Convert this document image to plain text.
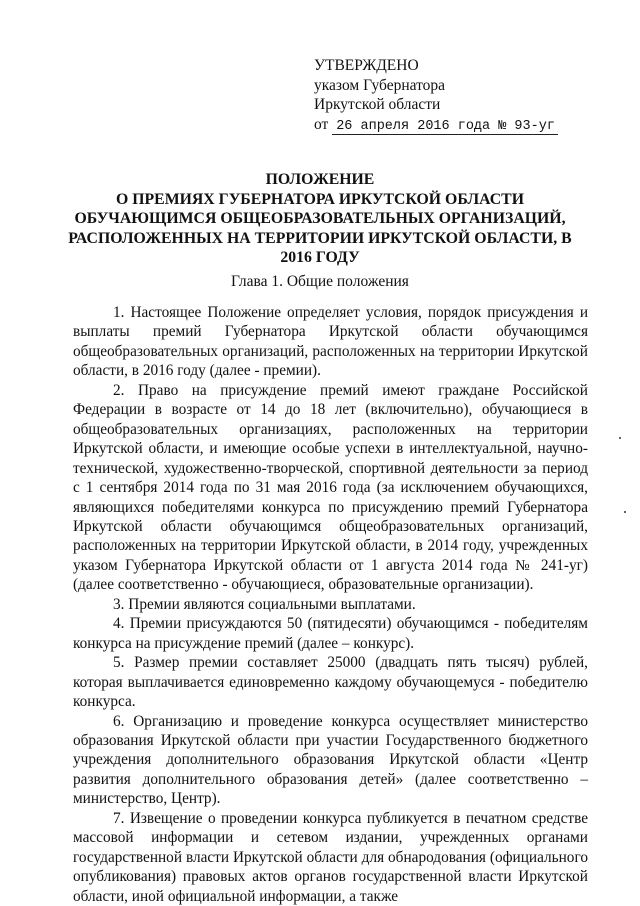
УТВЕРЖДЕНО
указом Губернатора
Иркутской области
от 26 апреля 2016 года № 93-уг
ПОЛОЖЕНИЕ
О ПРЕМИЯХ ГУБЕРНАТОРА ИРКУТСКОЙ ОБЛАСТИ
ОБУЧАЮЩИМСЯ ОБЩЕОБРАЗОВАТЕЛЬНЫХ ОРГАНИЗАЦИЙ,
РАСПОЛОЖЕННЫХ НА ТЕРРИТОРИИ ИРКУТСКОЙ ОБЛАСТИ, В
2016 ГОДУ
Глава 1. Общие положения

1. Настоящее Положение определяет условия, порядок присуждения и выплаты премий Губернатора Иркутской области обучающимся общеобразовательных организаций, расположенных на территории Иркутской области, в 2016 году (далее - премии).

2. Право на присуждение премий имеют граждане Российской Федерации в возрасте от 14 до 18 лет (включительно), обучающиеся в общеобразовательных организациях, расположенных на территории Иркутской области, и имеющие особые успехи в интеллектуальной, научно-технической, художественно-творческой, спортивной деятельности за период с 1 сентября 2014 года по 31 мая 2016 года (за исключением обучающихся, являющихся победителями конкурса по присуждению премий Губернатора Иркутской области обучающимся общеобразовательных организаций, расположенных на территории Иркутской области, в 2014 году, учрежденных указом Губернатора Иркутской области от 1 августа 2014 года № 241-уг) (далее соответственно - обучающиеся, образовательные организации).

3. Премии являются социальными выплатами.

4. Премии присуждаются 50 (пятидесяти) обучающимся - победителям конкурса на присуждение премий (далее – конкурс).

5. Размер премии составляет 25000 (двадцать пять тысяч) рублей, которая выплачивается единовременно каждому обучающемуся - победителю конкурса.

6. Организацию и проведение конкурса осуществляет министерство образования Иркутской области при участии Государственного бюджетного учреждения дополнительного образования Иркутской области «Центр развития дополнительного образования детей» (далее соответственно – министерство, Центр).

7. Извещение о проведении конкурса публикуется в печатном средстве массовой информации и сетевом издании, учрежденных органами государственной власти Иркутской области для обнародования (официального опубликования) правовых актов органов государственной власти Иркутской области, иной официальной информации, а также
